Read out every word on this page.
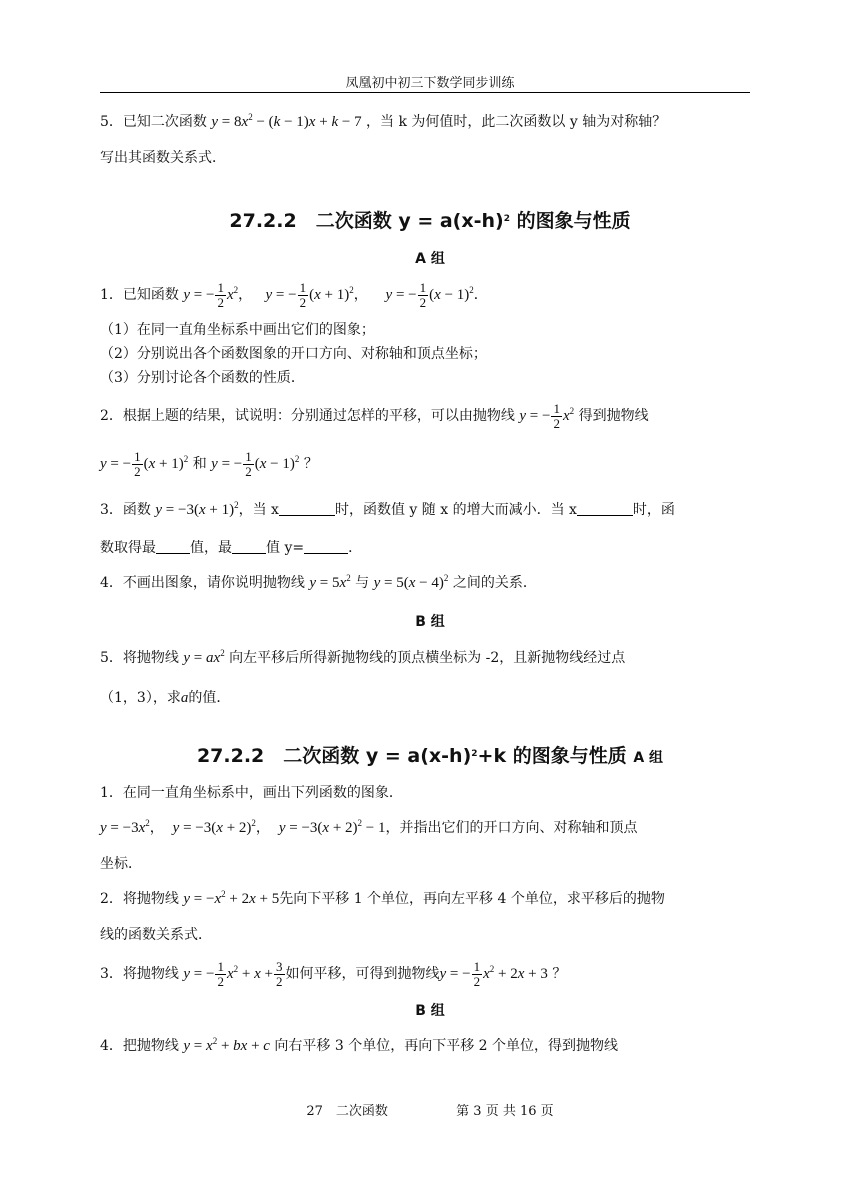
凤凰初中初三下数学同步训练
5．已知二次函数 $y = 8x^2 - (k - 1)x + k - 7$ ，当 k 为何值时，此二次函数以 y 轴为对称轴？
写出其函数关系式．
27.2.2　二次函数 $y = a(x-h)^2$ 的图象与性质
A 组
1．已知函数 y = − $\frac{1}{2} x^2$， y = − $\frac{1}{2} (x + 1)^2$， y = − $\frac{1}{2} (x - 1)^2$．
（1）在同一直角坐标系中画出它们的图象；
（2）分别说出各个函数图象的开口方向、对称轴和顶点坐标；
（3）分别讨论各个函数的性质．
2．根据上题的结果，试说明：分别通过怎样的平移，可以由抛物线 y = − $\frac{1}{2} x^2$ 得到抛物线
y = − $\frac{1}{2} (x + 1)^2$ 和 y = − $\frac{1}{2} (x - 1)^2$ ？
3．函数 $y = -3(x + 1)^2$，当 x	时，函数值 y 随 x 的增大而减小．当 x	时，函
数取得最 值，最 值 y=	．
4．不画出图象，请你说明抛物线 $y = 5x^2$ 与 $y = 5(x - 4)^2$ 之间的关系．
B 组
5．将抛物线 $y = ax^2$ 向左平移后所得新抛物线的顶点横坐标为 -2，且新抛物线经过点
（1，3），求a的值．
27.2.2　二次函数 $y = a(x-h)^2+k$ 的图象与性质 A 组
1．在同一直角坐标系中，画出下列函数的图象．
$y = -3x^2$， $y = -3(x + 2)^2$， $y = -3(x + 2)^2 - 1$，并指出它们的开口方向、对称轴和顶点
坐标．
2．将抛物线 $y = -x^2 + 2x + 5$先向下平移 1 个单位，再向左平移 4 个单位，求平移后的抛物
线的函数关系式．
3．将抛物线 y = − $\frac{1}{2} x^2 + x + \frac{3}{2}$ 如何平移，可得到抛物线y = − $\frac{1}{2} x^2 + 2x + 3$ ？
B 组
4．把抛物线 $y = x^2$ + bx + c 向右平移 3 个单位，再向下平移 2 个单位，得到抛物线
27　二次函数	第 3 页 共 16 页
